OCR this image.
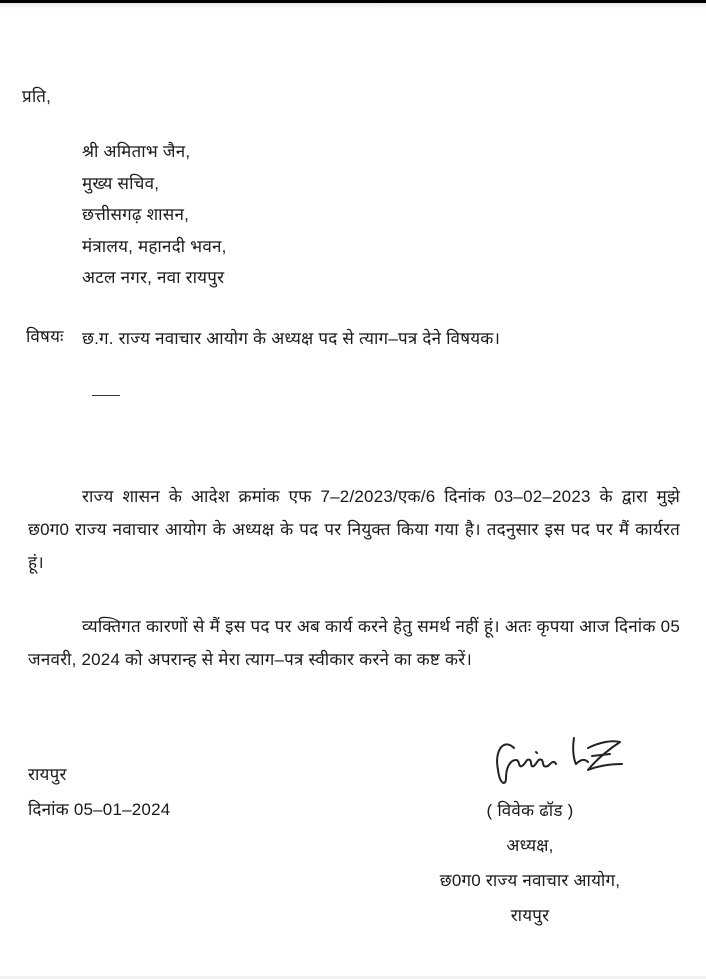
प्रति,
श्री अमिताभ जैन,
मुख्य सचिव,
छत्तीसगढ़ शासन,
मंत्रालय, महानदी भवन,
अटल नगर, नवा रायपुर
विषयः छ.ग. राज्य नवाचार आयोग के अध्यक्ष पद से त्याग–पत्र देने विषयक।
राज्य शासन के आदेश क्रमांक एफ 7–2/2023/एक/6 दिनांक 03–02–2023 के द्वारा मुझे छ0ग0 राज्य नवाचार आयोग के अध्यक्ष के पद पर नियुक्त किया गया है। तदनुसार इस पद पर मैं कार्यरत हूं।
व्यक्तिगत कारणों से मैं इस पद पर अब कार्य करने हेतु समर्थ नहीं हूं। अतः कृपया आज दिनांक 05 जनवरी, 2024 को अपरान्ह से मेरा त्याग–पत्र स्वीकार करने का कष्ट करें।
रायपुर
दिनांक 05–01–2024	( विवेक ढॉड )
अध्यक्ष,
छ0ग0 राज्य नवाचार आयोग,
रायपुर
